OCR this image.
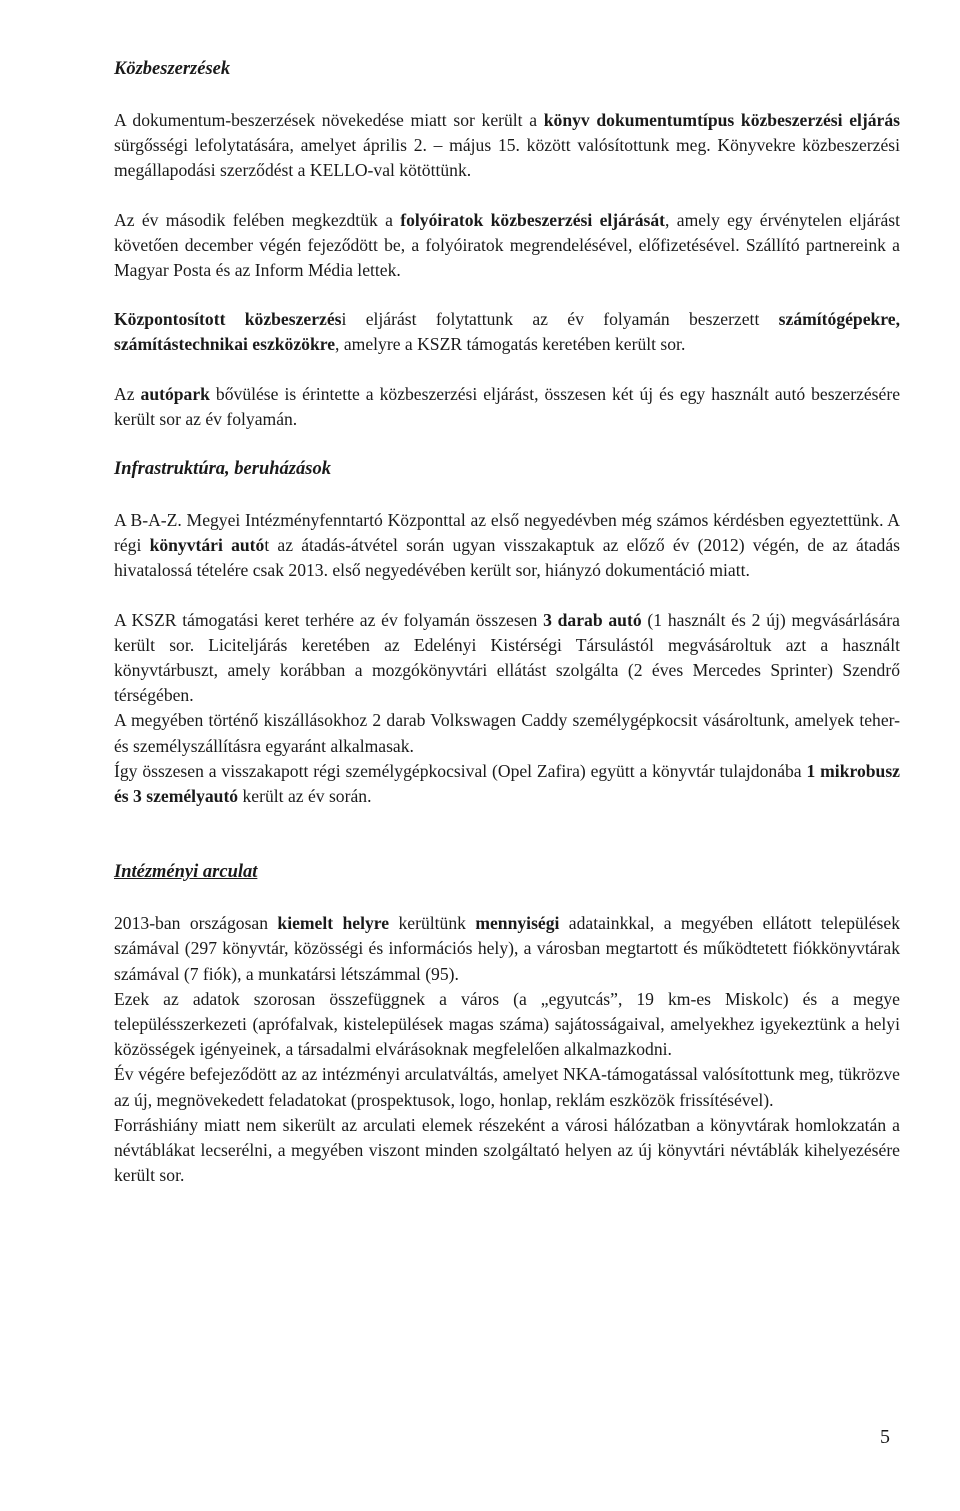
Közbeszerzések

A dokumentum-beszerzések növekedése miatt sor került a könyv dokumentumtípus közbeszerzési eljárás sürgősségi lefolytatására, amelyet április 2. – május 15. között valósítottunk meg. Könyvekre közbeszerzési megállapodási szerződést a KELLO-val kötöttünk.

Az év második felében megkezdtük a folyóiratok közbeszerzési eljárását, amely egy érvénytelen eljárást követően december végén fejeződött be, a folyóiratok megrendelésével, előfizetésével. Szállító partnereink a Magyar Posta és az Inform Média lettek.

Központosított közbeszerzési eljárást folytattunk az év folyamán beszerzett számítógépekre, számítástechnikai eszközökre, amelyre a KSZR támogatás keretében került sor.

Az autópark bővülése is érintette a közbeszerzési eljárást, összesen két új és egy használt autó beszerzésére került sor az év folyamán.

Infrastruktúra, beruházások

A B-A-Z. Megyei Intézményfenntartó Központtal az első negyedévben még számos kérdésben egyeztettünk. A régi könyvtári autót az átadás-átvétel során ugyan visszakaptuk az előző év (2012) végén, de az átadás hivatalossá tételére csak 2013. első negyedévében került sor, hiányzó dokumentáció miatt.

A KSZR támogatási keret terhére az év folyamán összesen 3 darab autó (1 használt és 2 új) megvásárlására került sor. Liciteljárás keretében az Edelényi Kistérségi Társulástól megvásároltuk azt a használt könyvtárbuszt, amely korábban a mozgókönyvtári ellátást szolgálta (2 éves Mercedes Sprinter) Szendrő térségében.

A megyében történő kiszállásokhoz 2 darab Volkswagen Caddy személygépkocsit vásároltunk, amelyek teher- és személyszállításra egyaránt alkalmasak.

Így összesen a visszakapott régi személygépkocsival (Opel Zafira) együtt a könyvtár tulajdonába 1 mikrobusz és 3 személyautó került az év során.

Intézményi arculat

2013-ban országosan kiemelt helyre kerültünk mennyiségi adatainkkal, a megyében ellátott települések számával (297 könyvtár, közösségi és információs hely), a városban megtartott és működtetett fiókkönyvtárak számával (7 fiók), a munkatársi létszámmal (95).

Ezek az adatok szorosan összefüggnek a város (a „egyutcás”, 19 km-es Miskolc) és a megye településszerkezeti (aprófalvak, kistelepülések magas száma) sajátosságaival, amelyekhez igyekeztünk a helyi közösségek igényeinek, a társadalmi elvárásoknak megfelelően alkalmazkodni.

Év végére befejeződött az az intézményi arculatváltás, amelyet NKA-támogatással valósítottunk meg, tükrözve az új, megnövekedett feladatokat (prospektusok, logo, honlap, reklám eszközök frissítésével).

Forráshiány miatt nem sikerült az arculati elemek részeként a városi hálózatban a könyvtárak homlokzatán a névtáblákat lecserélni, a megyében viszont minden szolgáltató helyen az új könyvtári névtáblák kihelyezésére került sor.

5
